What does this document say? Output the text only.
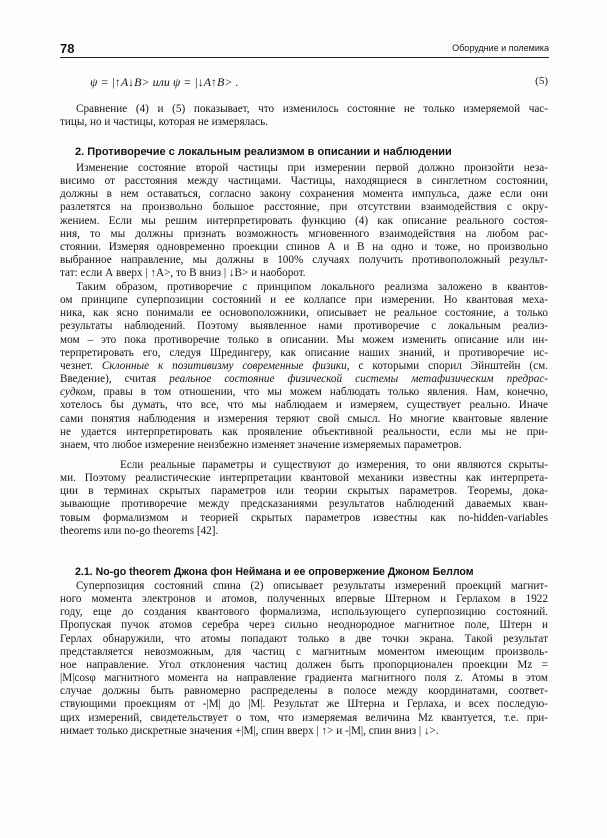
78	Оборудние и полемика
ψ = |↑A↓B> или ψ = |↓A↑B> .	(5)

Сравнение (4) и (5) показывает, что изменилось состояние не только измеряемой час-
тицы, но и частицы, которая не измерялась.

2. Противоречие с локальным реализмом в описании и наблюдении

Изменение состояние второй частицы при измерении первой должно произойти неза-
висимо от расстояния между частицами. Частицы, находящиеся в синглетном состоянии,
должны в нем оставаться, согласно закону сохранения момента импульса, даже если они
разлетятся на произвольно большое расстояние, при отсутствии взаимодействия с окру-
жением. Если мы решим интерпретировать функцию (4) как описание реального состоя-
ния, то мы должны признать возможность мгновенного взаимодействия на любом рас-
стоянии. Измеряя одновременно проекции спинов А и В на одно и тоже, но произвольно
выбранное направление, мы должны в 100% случаях получить противоположный результ-
тат: если А вверх | ↑A>, то В вниз | ↓B> и наоборот.

Таким образом, противоречие с принципом локального реализма заложено в квантов-
ом принципе суперпозиции состояний и ее коллапсе при измерении. Но квантовая меха-
ника, как ясно понимали ее основоположники, описывает не реальное состояние, а только
результаты наблюдений. Поэтому выявленное нами противоречие с локальным реализ-
мом – это пока противоречие только в описании. Мы можем изменить описание или ин-
терпретировать его, следуя Шредингеру, как описание наших знаний, и противоречие ис-
чезнет. Склонные к позитивизму современные физики, с которыми спорил Эйнштейн (см.
Введение), считая реальное состояние физической системы метафизическим предрас-
судком, правы в том отношении, что мы можем наблюдать только явления. Нам, конечно,
хотелось бы думать, что все, что мы наблюдаем и измеряем, существует реально. Иначе
сами понятия наблюдения и измерения теряют свой смысл. Но многие квантовые явление
не удается интерпретировать как проявление объективной реальности, если мы не при-
знаем, что любое измерение неизбежно изменяет значение измеряемых параметров.

Если реальные параметры и существуют до измерения, то они являются скрыты-
ми. Поэтому реалистические интерпретации квантовой механики известны как интерпрета-
ции в терминах скрытых параметров или теории скрытых параметров. Теоремы, дока-
зывающие противоречие между предсказаниями результатов наблюдений даваемых кван-
товым формализмом и теорией скрытых параметров известны как no-hidden-variables
theorems или no-go theorems [42].

2.1. No-go theorem Джона фон Неймана и ее опровержение Джоном Беллом

Суперпозиция состояний спина (2) описывает результаты измерений проекций магнит-
ного момента электронов и атомов, полученных впервые Штерном и Герлахом в 1922
году, еще до создания квантового формализма, использующего суперпозицию состояний.
Пропуская пучок атомов серебра через сильно неоднородное магнитное поле, Штерн и
Герлах обнаружили, что атомы попадают только в две точки экрана. Такой результат
представляется невозможным, для частиц с магнитным моментом имеющим произволь-
ное направление. Угол отклонения частиц должен быть пропорционален проекции Mz =
|M|cosφ магнитного момента на направление градиента магнитного поля z. Атомы в этом
случае должны быть равномерно распределены в полосе между координатами, соответ-
ствующими проекциям от -|M| до |M|. Результат же Штерна и Герлаха, и всех последую-
щих измерений, свидетельствует о том, что измеряемая величина Mz квантуется, т.е. при-
нимает только дискретные значения +|M|, спин вверх | ↑> и -|M|, спин вниз | ↓>.
